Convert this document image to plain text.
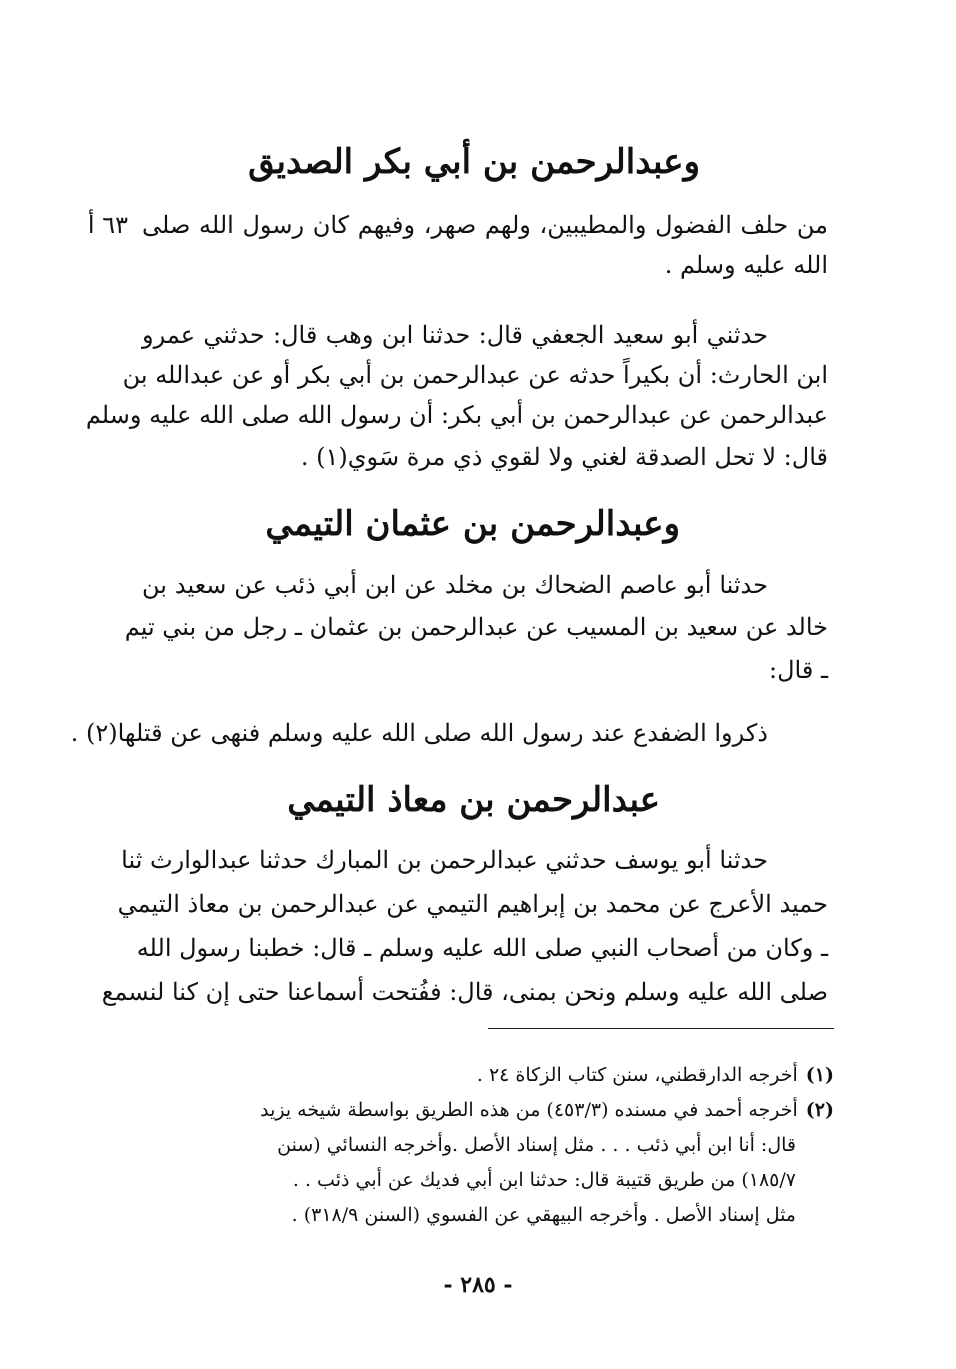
وعبدالرحمن بن أبي بكر الصديق
من حلف الفضول والمطيبين، ولهم صهر، وفيهم كان رسول الله صلى
٦٣ أ
الله عليه وسلم .
حدثني أبو سعيد الجعفي قال: حدثنا ابن وهب قال: حدثني عمرو
ابن الحارث: أن بكيراً حدثه عن عبدالرحمن بن أبي بكر أو عن عبدالله بن
عبدالرحمن عن عبدالرحمن بن أبي بكر: أن رسول الله صلى الله عليه وسلم
قال: لا تحل الصدقة لغني ولا لقوي ذي مرة سَوي(١) .
وعبدالرحمن بن عثمان التيمي
حدثنا أبو عاصم الضحاك بن مخلد عن ابن أبي ذئب عن سعيد بن
خالد عن سعيد بن المسيب عن عبدالرحمن بن عثمان ـ رجل من بني تيم
ـ قال:
ذكروا الضفدع عند رسول الله صلى الله عليه وسلم فنهى عن قتلها(٢) .
عبدالرحمن بن معاذ التيمي
حدثنا أبو يوسف حدثني عبدالرحمن بن المبارك حدثنا عبدالوارث ثنا
حميد الأعرج عن محمد بن إبراهيم التيمي عن عبدالرحمن بن معاذ التيمي
ـ وكان من أصحاب النبي صلى الله عليه وسلم ـ قال: خطبنا رسول الله
صلى الله عليه وسلم ونحن بمنى، قال: ففُتحت أسماعنا حتى إن كنا لنسمع
(١)أخرجه الدارقطني، سنن كتاب الزكاة ٢٤ .
(٢)أخرجه أحمد في مسنده (٤٥٣/٣) من هذه الطريق بواسطة شيخه يزيد
قال: أنا ابن أبي ذئب . . . مثل إسناد الأصل .وأخرجه النسائي (سنن
١٨٥/٧) من طريق قتيبة قال: حدثنا ابن أبي فديك عن أبي ذئب . .
مثل إسناد الأصل . وأخرجه البيهقي عن الفسوي (السنن ٣١٨/٩) .
- ٢٨٥ -
